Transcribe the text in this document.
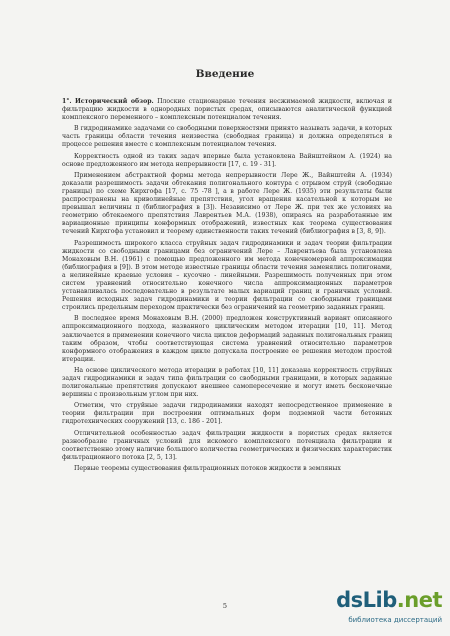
Введение

1°. Исторический обзор. Плоские стационарные течения несжимаемой жидкости, включая и фильтрацию жидкости в однородных пористых средах, описываются аналитической функцией комплексного переменного – комплексным потенциалом течения.

В гидродинамике задачами со свободными поверхностями принято называть задачи, в которых часть границы области течения неизвестна (свободная граница) и должна определяться в процессе решения вместе с комплексным потенциалом течения.

Корректность одной из таких задач впервые была установлена Вайнштейном А. (1924) на основе предложенного им метода непрерывности [17, с. 19 - 31].

Применением абстрактной формы метода непрерывности Лере Ж., Вайнштейн А. (1934) доказали разрешимость задачи обтекания полигонального контура с отрывом струй (свободные границы) по схеме Кирхгофа [17, с. 75 -78 ], а в работе Лере Ж. (1935) эти результаты были распространены на криволинейные препятствия, угол вращения касательной к которым не превышал величины π (библиография в [3]). Независимо от Лере Ж. при тех же условиях на геометрию обтекаемого препятствия Лаврентьев М.А. (1938), опираясь на разработанные им вариационные принципы конформных отображений, известных как теорема существования течений Кирхгофа установил и теорему единственности таких течений (библиография в [3, 8, 9]).

Разрешимость широкого класса струйных задач гидродинамики и задач теории фильтрации жидкости со свободными границами без ограничений Лере – Лаврентьева была установлена Монаховым В.Н. (1961) с помощью предложенного им метода конечномерной аппроксимации (библиография в [9]). В этом методе известные границы области течения заменялись полигонами, а нелинейные краевые условия – кусочно - линейными. Разрешимость полученных при этом систем уравнений относительно конечного числа аппроксимационных параметров устанавливалась последовательно в результате малых вариаций границ и граничных условий. Решения исходных задач гидродинамики и теории фильтрации со свободными границами строились предельным переходом практически без ограничений на геометрию заданных границ.

В последнее время Монаховым В.Н. (2000) предложен конструктивный вариант описанного аппроксимационного подхода, названного циклическим методом итерации [10, 11]. Метод заключается в применении конечного числа циклов деформаций заданных полигональных границ таким образом, чтобы соответствующая система уравнений относительно параметров конформного отображения в каждом цикле допускала построение ее решения методом простой итерации.

На основе циклического метода итерации в работах [10, 11] доказана корректность струйных задач гидродинамики и задач типа фильтрации со свободными границами, в которых заданные полигональные препятствия допускают внешнее самопересечение и могут иметь бесконечные вершины с произвольным углом при них.

Отметим, что струйные задачи гидродинамики находят непосредственное применение в теории фильтрации при построении оптимальных форм подземной части бетонных гидротехнических сооружений [13, с. 186 - 201].

Отличительной особенностью задач фильтрации жидкости в пористых средах является разнообразие граничных условий для искомого комплексного потенциала фильтрации и соответственно этому наличие большого количества геометрических и физических характеристик фильтрационного потока [2, 5, 13].

Первые теоремы существования фильтрационных потоков жидкости в земляных

5	dsLib.net
библиотека диссертаций
